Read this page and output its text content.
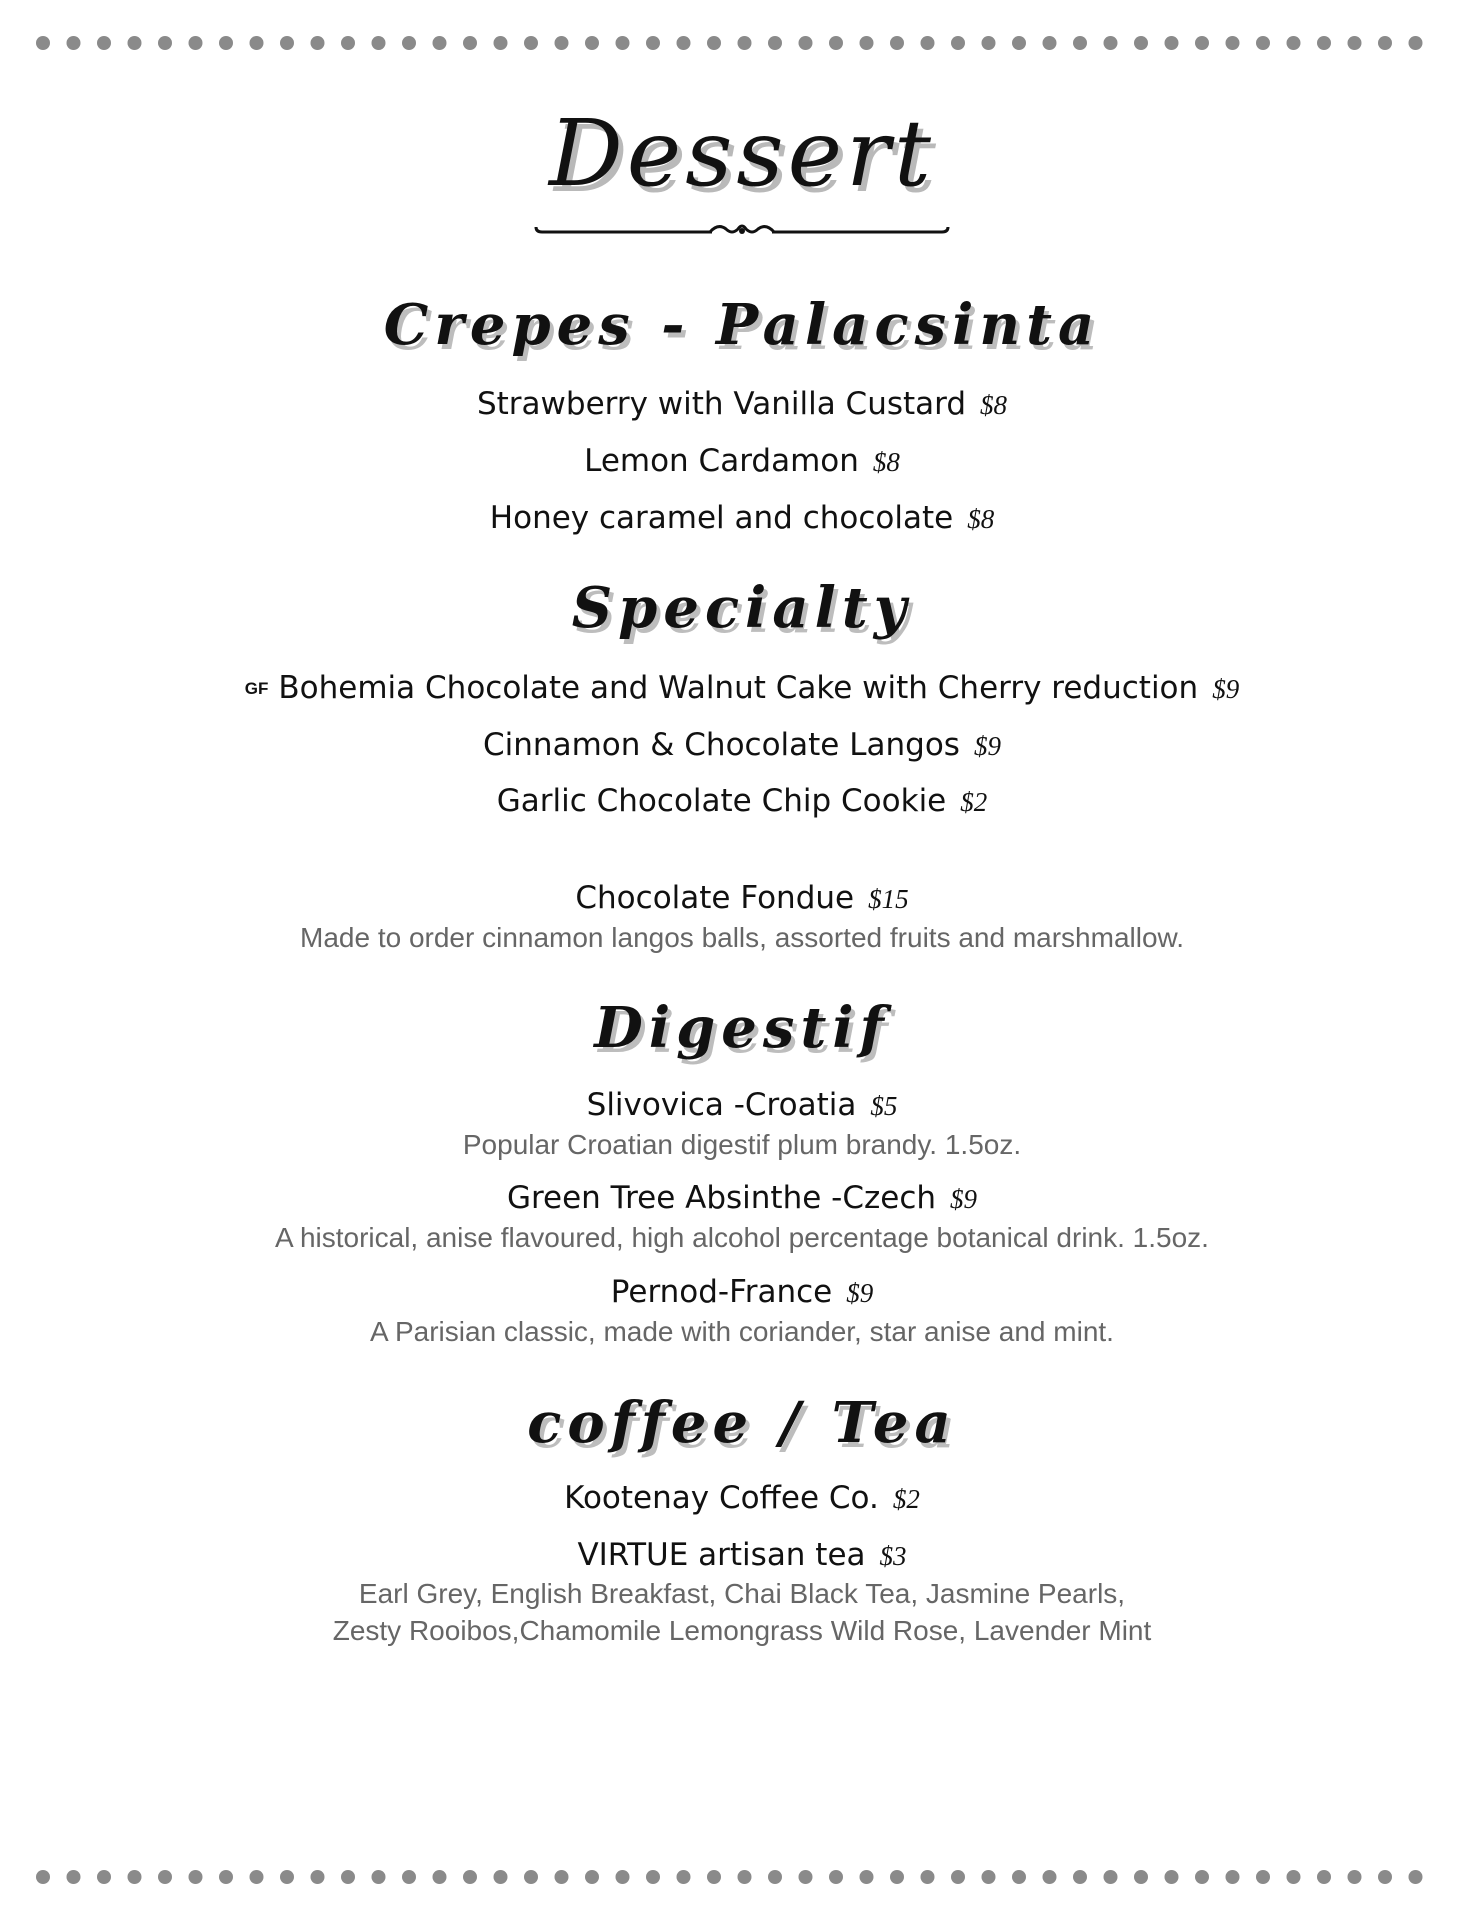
Dessert
Crepes - Palacsinta
Strawberry with Vanilla Custard $8
Lemon Cardamon $8
Honey caramel and chocolate $8
Specialty
GF Bohemia Chocolate and Walnut Cake with Cherry reduction $9
Cinnamon & Chocolate Langos $9
Garlic Chocolate Chip Cookie $2
Chocolate Fondue $15
Made to order cinnamon langos balls, assorted fruits and marshmallow.
Digestif
Slivovica -Croatia $5
Popular Croatian digestif plum brandy. 1.5oz.
Green Tree Absinthe -Czech $9
A historical, anise flavoured, high alcohol percentage botanical drink. 1.5oz.
Pernod-France $9
A Parisian classic, made with coriander, star anise and mint.
coffee / Tea
Kootenay Coffee Co. $2
VIRTUE artisan tea $3
Earl Grey, English Breakfast, Chai Black Tea, Jasmine Pearls,
Zesty Rooibos,Chamomile Lemongrass Wild Rose, Lavender Mint
